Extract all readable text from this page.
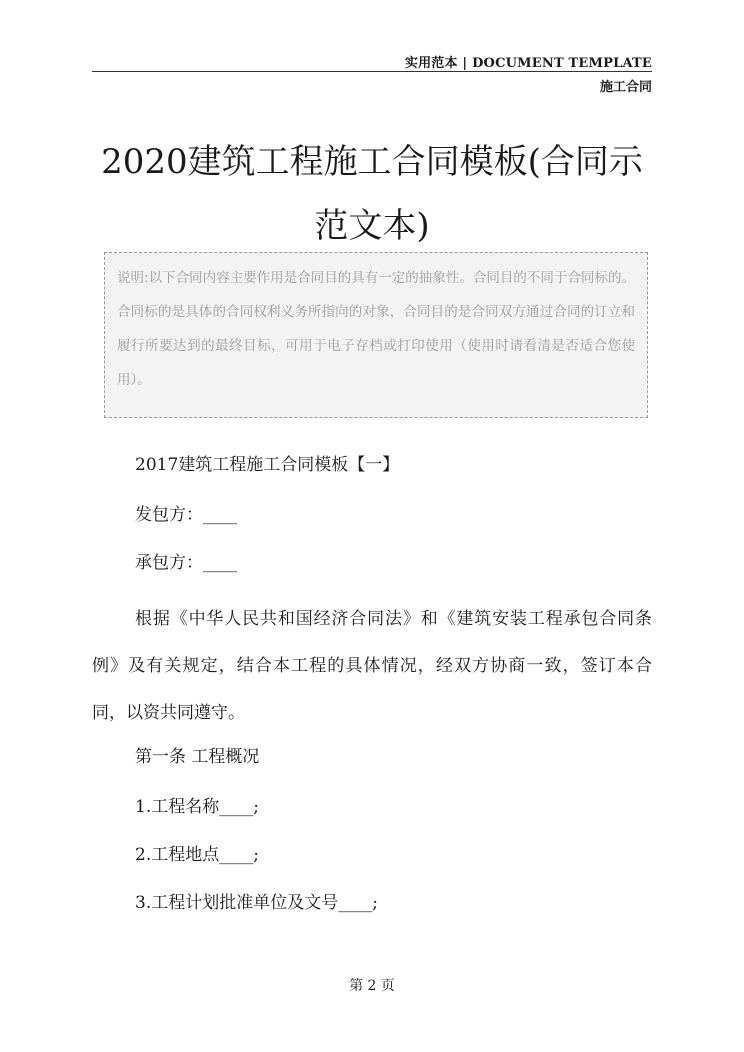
实用范本 | DOCUMENT TEMPLATE
施工合同
2020建筑工程施工合同模板(合同示范文本)
说明:以下合同内容主要作用是合同目的具有一定的抽象性。合同目的不同于合同标的。合同标的是具体的合同权利义务所指向的对象，合同目的是合同双方通过合同的订立和履行所要达到的最终目标，可用于电子存档或打印使用（使用时请看清是否适合您使用）。
2017建筑工程施工合同模板【一】
发包方：____
承包方：____

根据《中华人民共和国经济合同法》和《建筑安装工程承包合同条例》及有关规定，结合本工程的具体情况，经双方协商一致，签订本合同，以资共同遵守。

第一条 工程概况
1.工程名称____;
2.工程地点____;
3.工程计划批准单位及文号____;
第 2 页
